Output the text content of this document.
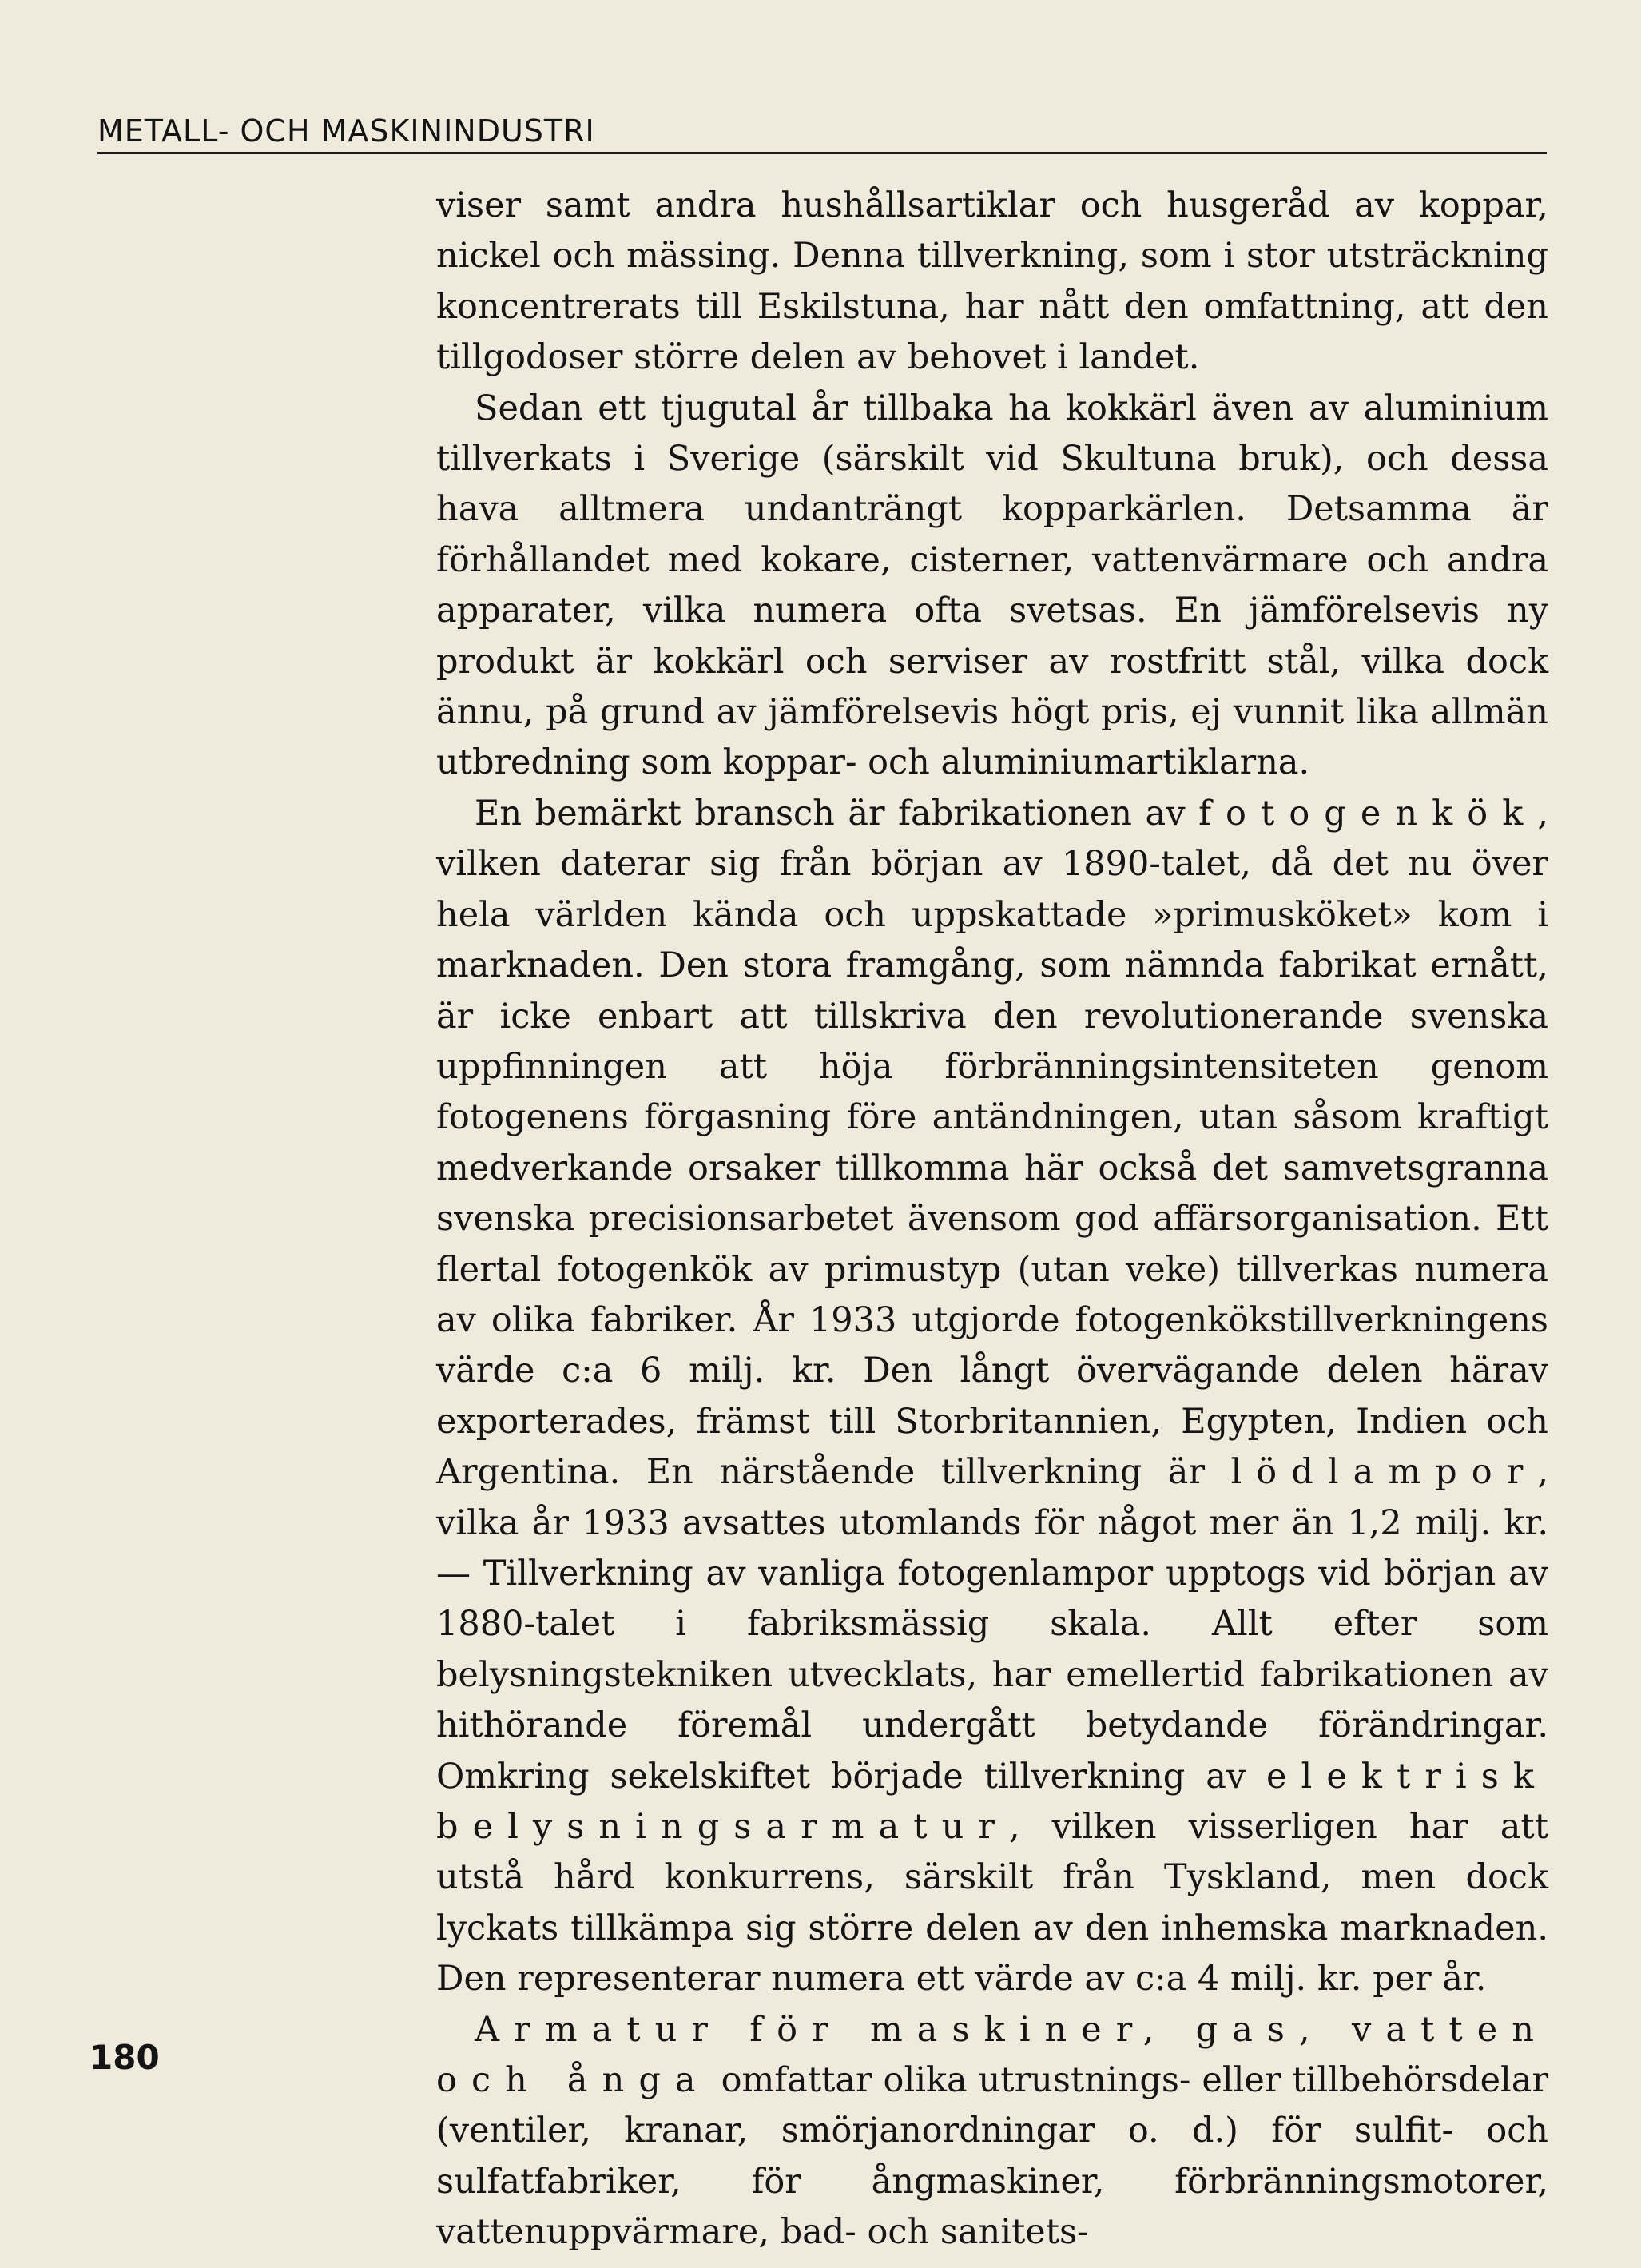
METALL- OCH MASKININDUSTRI

viser samt andra hushållsartiklar och husgeråd av koppar, nickel och mässing. Denna tillverkning, som i stor utsträckning koncentrerats till Eskilstuna, har nått den omfattning, att den tillgodoser större delen av behovet i landet.

Sedan ett tjugutal år tillbaka ha kokkärl även av aluminium tillverkats i Sverige (särskilt vid Skultuna bruk), och dessa hava alltmera undanträngt kopparkärlen. Detsamma är förhållandet med kokare, cisterner, vattenvärmare och andra apparater, vilka numera ofta svetsas. En jämförelsevis ny produkt är kokkärl och serviser av rostfritt stål, vilka dock ännu, på grund av jämförelsevis högt pris, ej vunnit lika allmän utbredning som koppar- och aluminiumartiklarna.

En bemärkt bransch är fabrikationen av fotogenkök, vilken daterar sig från början av 1890-talet, då det nu över hela världen kända och uppskattade »primusköket» kom i marknaden. Den stora framgång, som nämnda fabrikat ernått, är icke enbart att tillskriva den revolutionerande svenska uppfinningen att höja förbränningsintensiteten genom fotogenens förgasning före antändningen, utan såsom kraftigt medverkande orsaker tillkomma här också det samvetsgranna svenska precisionsarbetet ävensom god affärsorganisation. Ett flertal fotogenkök av primustyp (utan veke) tillverkas numera av olika fabriker. År 1933 utgjorde fotogenkökstillverkningens värde c:a 6 milj. kr. Den långt övervägande delen härav exporterades, främst till Storbritannien, Egypten, Indien och Argentina. En närstående tillverkning är lödlampor, vilka år 1933 avsattes utomlands för något mer än 1,2 milj. kr. — Tillverkning av vanliga fotogenlampor upptogs vid början av 1880-talet i fabriksmässig skala. Allt efter som belysningstekniken utvecklats, har emellertid fabrikationen av hithörande föremål undergått betydande förändringar. Omkring sekelskiftet började tillverkning av elektrisk belysningsarmatur, vilken visserligen har att utstå hård konkurrens, särskilt från Tyskland, men dock lyckats tillkämpa sig större delen av den inhemska marknaden. Den representerar numera ett värde av c:a 4 milj. kr. per år.

Armatur för maskiner, gas, vatten och ånga omfattar olika utrustnings- eller tillbehörsdelar (ventiler, kranar, smörjanordningar o. d.) för sulfit- och sulfatfabriker, för ångmaskiner, förbränningsmotorer, vattenuppvärmare, bad- och sanitets-

180
